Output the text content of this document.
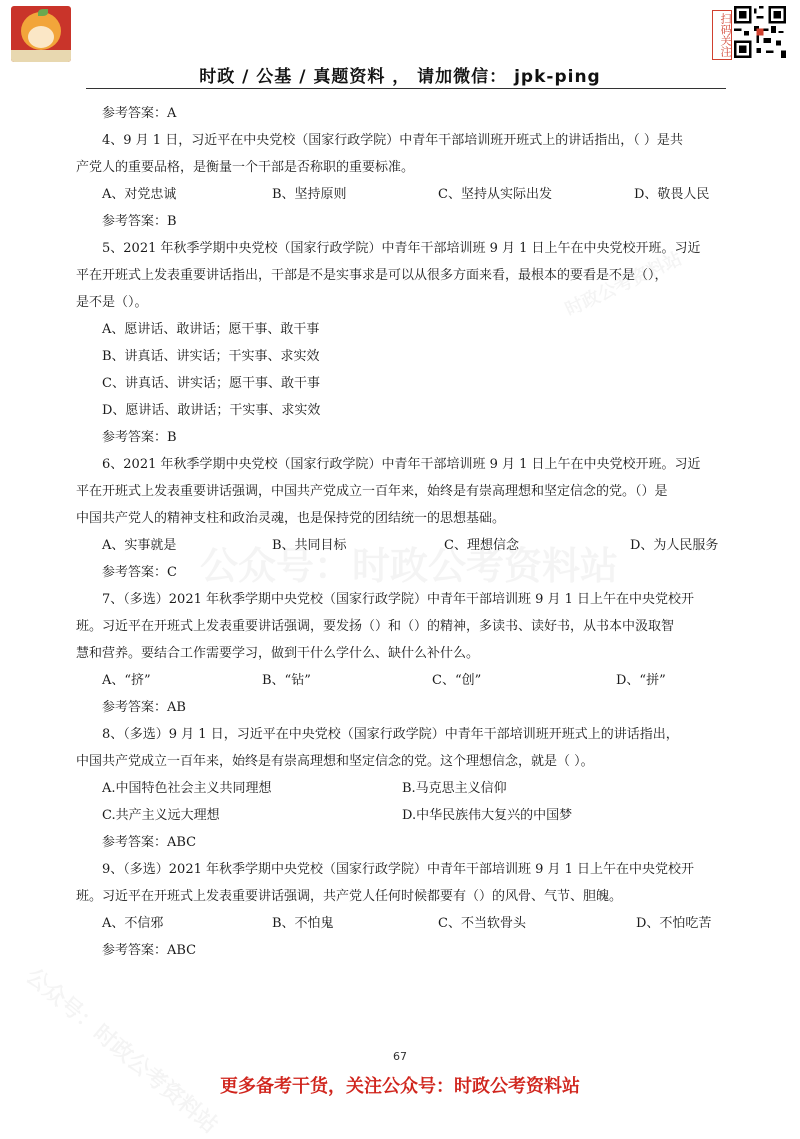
扫码关注
时政 / 公基 / 真题资料 ， 请加微信： jpk-ping
参考答案：A
4、9 月 1 日，习近平在中央党校（国家行政学院）中青年干部培训班开班式上的讲话指出，（ ）是共
产党人的重要品格，是衡量一个干部是否称职的重要标准。
A、对党忠诚	B、坚持原则	C、坚持从实际出发	D、敬畏人民
参考答案：B
5、2021 年秋季学期中央党校（国家行政学院）中青年干部培训班 9 月 1 日上午在中央党校开班。习近
平在开班式上发表重要讲话指出，干部是不是实事求是可以从很多方面来看，最根本的要看是不是（），
是不是（）。
A、愿讲话、敢讲话；愿干事、敢干事
B、讲真话、讲实话；干实事、求实效
C、讲真话、讲实话；愿干事、敢干事
D、愿讲话、敢讲话；干实事、求实效
参考答案：B
6、2021 年秋季学期中央党校（国家行政学院）中青年干部培训班 9 月 1 日上午在中央党校开班。习近
平在开班式上发表重要讲话强调，中国共产党成立一百年来，始终是有崇高理想和坚定信念的党。（）是
中国共产党人的精神支柱和政治灵魂，也是保持党的团结统一的思想基础。
A、实事就是	B、共同目标	C、理想信念	D、为人民服务
参考答案：C
7、（多选）2021 年秋季学期中央党校（国家行政学院）中青年干部培训班 9 月 1 日上午在中央党校开
班。习近平在开班式上发表重要讲话强调，要发扬（）和（）的精神，多读书、读好书，从书本中汲取智
慧和营养。要结合工作需要学习，做到干什么学什么、缺什么补什么。
A、“挤”	B、“钻”	C、“创”	D、“拼”
参考答案：AB
8、（多选）9 月 1 日，习近平在中央党校（国家行政学院）中青年干部培训班开班式上的讲话指出，
中国共产党成立一百年来，始终是有崇高理想和坚定信念的党。这个理想信念，就是（ ）。
A.中国特色社会主义共同理想	B.马克思主义信仰
C.共产主义远大理想	D.中华民族伟大复兴的中国梦
参考答案：ABC
9、（多选）2021 年秋季学期中央党校（国家行政学院）中青年干部培训班 9 月 1 日上午在中央党校开
班。习近平在开班式上发表重要讲话强调，共产党人任何时候都要有（）的风骨、气节、胆魄。
A、不信邪	B、不怕鬼	C、不当软骨头	D、不怕吃苦
参考答案：ABC
67
更多备考干货，关注公众号：时政公考资料站
